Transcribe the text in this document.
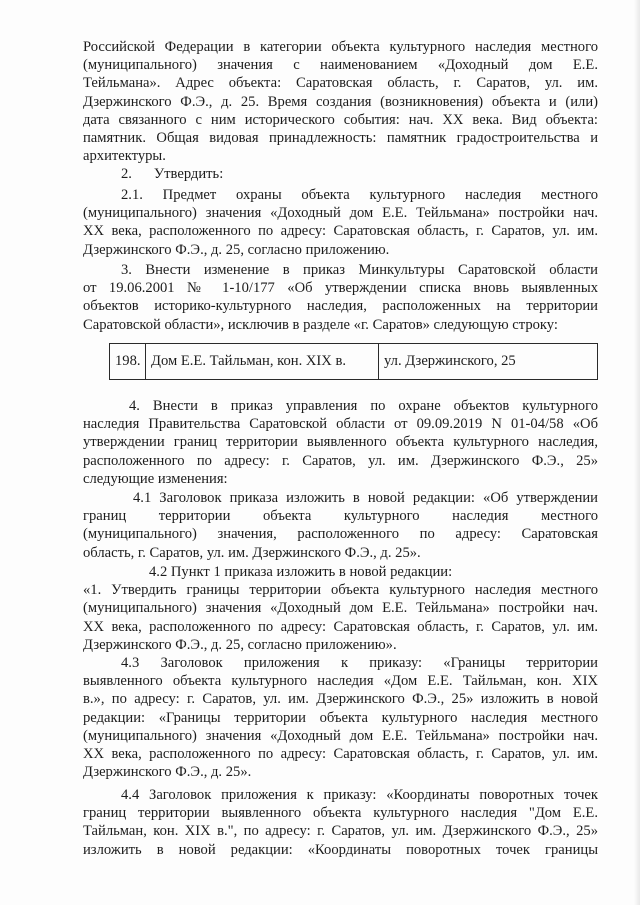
Российской Федерации в категории объекта культурного наследия местного
(муниципального) значения с наименованием «Доходный дом Е.Е.
Тейльмана». Адрес объекта: Саратовская область, г. Саратов, ул. им.
Дзержинского Ф.Э., д. 25. Время создания (возникновения) объекта и (или)
дата связанного с ним исторического события: нач. XX века. Вид объекта:
памятник. Общая видовая принадлежность: памятник градостроительства и
архитектуры.
2.      Утвердить:
2.1. Предмет охраны объекта культурного наследия местного
(муниципального) значения «Доходный дом Е.Е. Тейльмана» постройки нач.
XX века, расположенного по адресу: Саратовская область, г. Саратов, ул. им.
Дзержинского Ф.Э., д. 25, согласно приложению.
3. Внести изменение в приказ Минкультуры Саратовской области
от 19.06.2001 № 1-10/177 «Об утверждении списка вновь выявленных
объектов историко-культурного наследия, расположенных на территории
Саратовской области», исключив в разделе «г. Саратов» следующую строку:
198.	Дом Е.Е. Тайльман, кон. XIX в.	ул. Дзержинского, 25
4. Внести в приказ управления по охране объектов культурного
наследия Правительства Саратовской области от 09.09.2019 N 01-04/58 «Об
утверждении границ территории выявленного объекта культурного наследия,
расположенного по адресу: г. Саратов, ул. им. Дзержинского Ф.Э., 25»
следующие изменения:
4.1 Заголовок приказа изложить в новой редакции: «Об утверждении
границ территории объекта культурного наследия местного
(муниципального) значения, расположенного по адресу: Саратовская
область, г. Саратов, ул. им. Дзержинского Ф.Э., д. 25».
4.2 Пункт 1 приказа изложить в новой редакции:
«1. Утвердить границы территории объекта культурного наследия местного
(муниципального) значения «Доходный дом Е.Е. Тейльмана» постройки нач.
XX века, расположенного по адресу: Саратовская область, г. Саратов, ул. им.
Дзержинского Ф.Э., д. 25, согласно приложению».
4.3 Заголовок приложения к приказу: «Границы территории
выявленного объекта культурного наследия «Дом Е.Е. Тайльман, кон. XIX
в.», по адресу: г. Саратов, ул. им. Дзержинского Ф.Э., 25» изложить в новой
редакции: «Границы территории объекта культурного наследия местного
(муниципального) значения «Доходный дом Е.Е. Тейльмана» постройки нач.
XX века, расположенного по адресу: Саратовская область, г. Саратов, ул. им.
Дзержинского Ф.Э., д. 25».
4.4 Заголовок приложения к приказу: «Координаты поворотных точек
границ территории выявленного объекта культурного наследия "Дом Е.Е.
Тайльман, кон. XIX в.", по адресу: г. Саратов, ул. им. Дзержинского Ф.Э., 25»
изложить в новой редакции: «Координаты поворотных точек границы
